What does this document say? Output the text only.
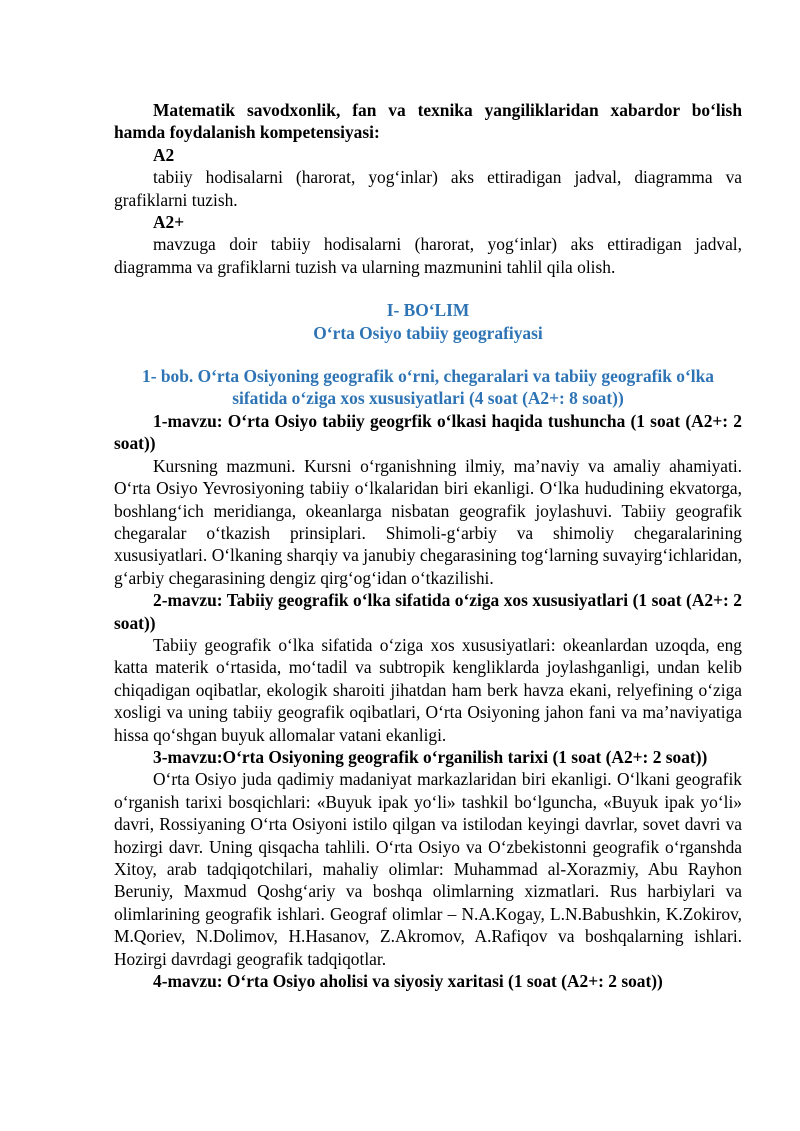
Matematik savodxonlik, fan va texnika yangiliklaridan xabardor bo‘lish hamda foydalanish kompetensiyasi:

A2

tabiiy hodisalarni (harorat, yog‘inlar) aks ettiradigan jadval, diagramma va grafiklarni tuzish.

A2+

mavzuga doir tabiiy hodisalarni (harorat, yog‘inlar) aks ettiradigan jadval, diagramma va grafiklarni tuzish va ularning mazmunini tahlil qila olish.

I- BO‘LIM

O‘rta Osiyo tabiiy geografiyasi

1- bob. O‘rta Osiyoning geografik o‘rni, chegaralari va tabiiy geografik o‘lka sifatida o‘ziga xos xususiyatlari (4 soat (A2+: 8 soat))

1-mavzu: O‘rta Osiyo tabiiy geogrfik o‘lkasi haqida tushuncha (1 soat (A2+: 2 soat))

Kursning mazmuni. Kursni o‘rganishning ilmiy, ma’naviy va amaliy ahamiyati. O‘rta Osiyo Yevrosiyoning tabiiy o‘lkalaridan biri ekanligi. O‘lka hududining ekvatorga, boshlang‘ich meridianga, okeanlarga nisbatan geografik joylashuvi. Tabiiy geografik chegaralar o‘tkazish prinsiplari. Shimoli-g‘arbiy va shimoliy chegaralarining xususiyatlari. O‘lkaning sharqiy va janubiy chegarasining tog‘larning suvayirg‘ichlaridan, g‘arbiy chegarasining dengiz qirg‘og‘idan o‘tkazilishi.

2-mavzu: Tabiiy geografik o‘lka sifatida o‘ziga xos xususiyatlari (1 soat (A2+: 2 soat))

Tabiiy geografik o‘lka sifatida o‘ziga xos xususiyatlari: okeanlardan uzoqda, eng katta materik o‘rtasida, mo‘tadil va subtropik kengliklarda joylashganligi, undan kelib chiqadigan oqibatlar, ekologik sharoiti jihatdan ham berk havza ekani, relyefining o‘ziga xosligi va uning tabiiy geografik oqibatlari, O‘rta Osiyoning jahon fani va ma’naviyatiga hissa qo‘shgan buyuk allomalar vatani ekanligi.

3-mavzu:O‘rta Osiyoning geografik o‘rganilish tarixi (1 soat (A2+: 2 soat))

O‘rta Osiyo juda qadimiy madaniyat markazlaridan biri ekanligi. O‘lkani geografik o‘rganish tarixi bosqichlari: «Buyuk ipak yo‘li» tashkil bo‘lguncha, «Buyuk ipak yo‘li» davri, Rossiyaning O‘rta Osiyoni istilo qilgan va istilodan keyingi davrlar, sovet davri va hozirgi davr. Uning qisqacha tahlili. O‘rta Osiyo va O‘zbekistonni geografik o‘rganshda Xitoy, arab tadqiqotchilari, mahaliy olimlar: Muhammad al-Xorazmiy, Abu Rayhon Beruniy, Maxmud Qoshg‘ariy va boshqa olimlarning xizmatlari. Rus harbiylari va olimlarining geografik ishlari. Geograf olimlar – N.A.Kogay, L.N.Babushkin, K.Zokirov, M.Qoriev, N.Dolimov, H.Hasanov, Z.Akromov, A.Rafiqov va boshqalarning ishlari. Hozirgi davrdagi geografik tadqiqotlar.

4-mavzu: O‘rta Osiyo aholisi va siyosiy xaritasi (1 soat (A2+: 2 soat))
